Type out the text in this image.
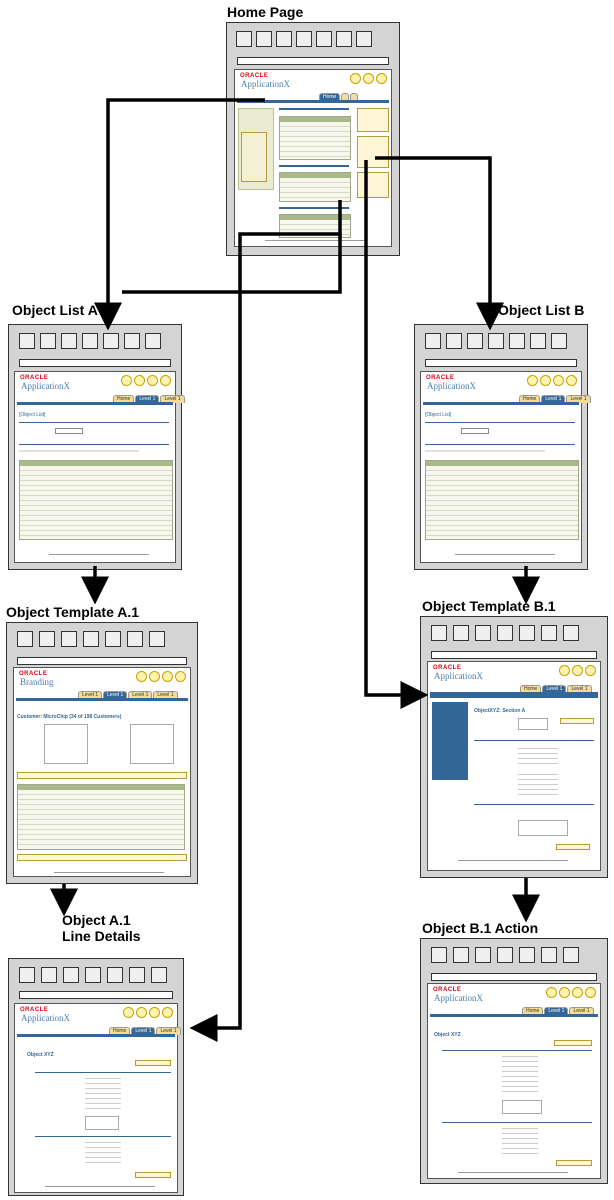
Home Page
ORACLE
ApplicationX
Home
Object List A
ORACLE
ApplicationX
Home	Level 1	Level 1
[Object List]
Object List B
ORACLE
ApplicationX
Home	Level 1	Level 1
[Object List]
Object Template A.1
ORACLE
Branding
Level 1	Level 1	Level 1	Level 1
Customer: MicroChip (34 of 198 Customers)
Object Template B.1
ORACLE
ApplicationX
Home	Level 1	Level 1
ObjectXYZ: Section A
Object A.1
Line Details
ORACLE
ApplicationX
Home	Level 1	Level 1
Object XYZ
Object B.1 Action
ORACLE
ApplicationX
Home	Level 1	Level 1
Object XYZ
